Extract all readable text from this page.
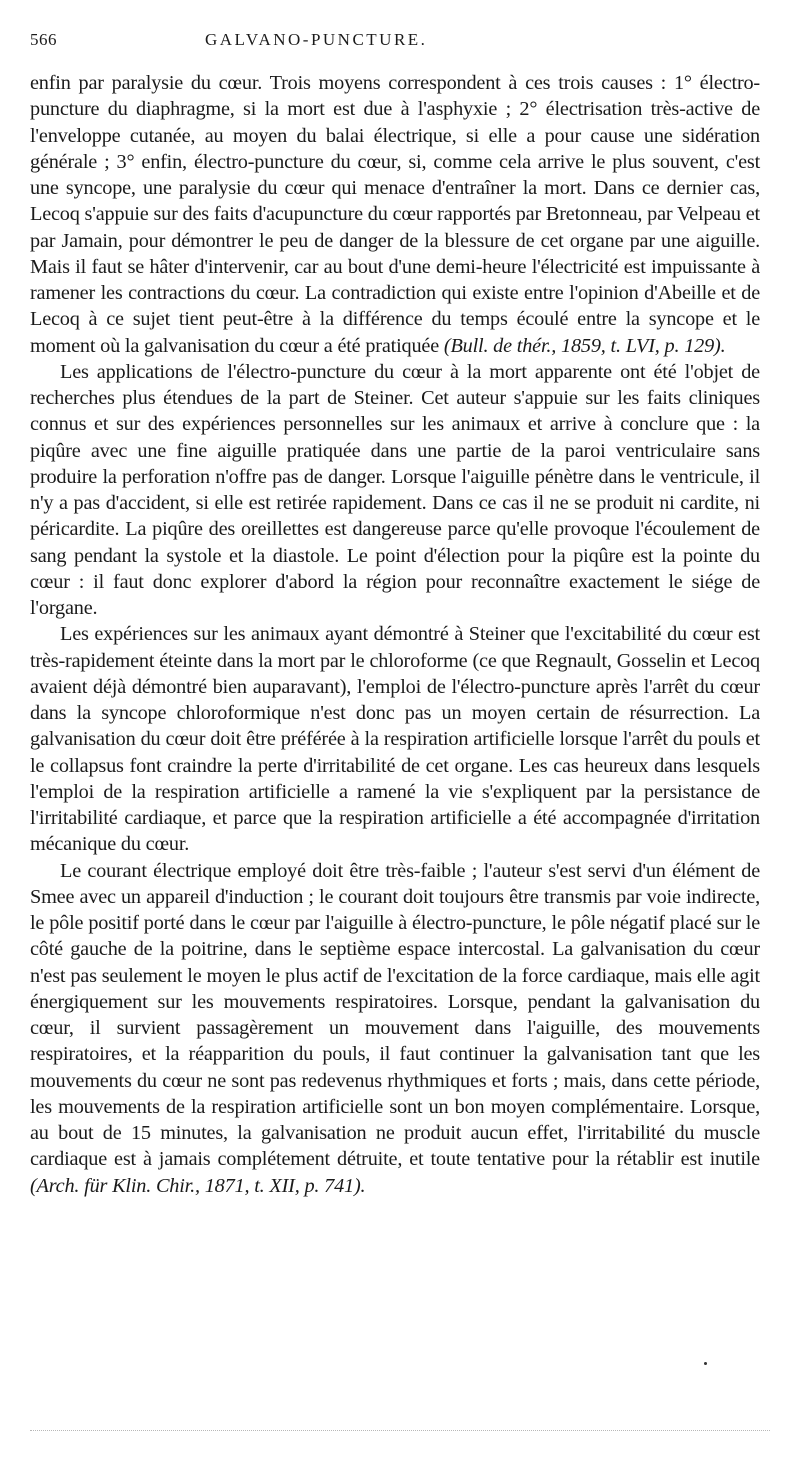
566	GALVANO-PUNCTURE.

enfin par paralysie du cœur. Trois moyens correspondent à ces trois causes : 1° électro-puncture du diaphragme, si la mort est due à l'asphyxie ; 2° électrisation très-active de l'enveloppe cutanée, au moyen du balai électrique, si elle a pour cause une sidération générale ; 3° enfin, électro-puncture du cœur, si, comme cela arrive le plus souvent, c'est une syncope, une paralysie du cœur qui menace d'entraîner la mort. Dans ce dernier cas, Lecoq s'appuie sur des faits d'acupuncture du cœur rapportés par Bretonneau, par Velpeau et par Jamain, pour démontrer le peu de danger de la blessure de cet organe par une aiguille. Mais il faut se hâter d'intervenir, car au bout d'une demi-heure l'électricité est impuissante à ramener les contractions du cœur. La contradiction qui existe entre l'opinion d'Abeille et de Lecoq à ce sujet tient peut-être à la différence du temps écoulé entre la syncope et le moment où la galvanisation du cœur a été pratiquée (Bull. de thér., 1859, t. LVI, p. 129).

Les applications de l'électro-puncture du cœur à la mort apparente ont été l'objet de recherches plus étendues de la part de Steiner. Cet auteur s'appuie sur les faits cliniques connus et sur des expériences personnelles sur les animaux et arrive à conclure que : la piqûre avec une fine aiguille pratiquée dans une partie de la paroi ventriculaire sans produire la perforation n'offre pas de danger. Lorsque l'aiguille pénètre dans le ventricule, il n'y a pas d'accident, si elle est retirée rapidement. Dans ce cas il ne se produit ni cardite, ni péricardite. La piqûre des oreillettes est dangereuse parce qu'elle provoque l'écoulement de sang pendant la systole et la diastole. Le point d'élection pour la piqûre est la pointe du cœur : il faut donc explorer d'abord la région pour reconnaître exactement le siége de l'organe.

Les expériences sur les animaux ayant démontré à Steiner que l'excitabilité du cœur est très-rapidement éteinte dans la mort par le chloroforme (ce que Regnault, Gosselin et Lecoq avaient déjà démontré bien auparavant), l'emploi de l'électro-puncture après l'arrêt du cœur dans la syncope chloroformique n'est donc pas un moyen certain de résurrection. La galvanisation du cœur doit être préférée à la respiration artificielle lorsque l'arrêt du pouls et le collapsus font craindre la perte d'irritabilité de cet organe. Les cas heureux dans lesquels l'emploi de la respiration artificielle a ramené la vie s'expliquent par la persistance de l'irritabilité cardiaque, et parce que la respiration artificielle a été accompagnée d'irritation mécanique du cœur.

Le courant électrique employé doit être très-faible ; l'auteur s'est servi d'un élément de Smee avec un appareil d'induction ; le courant doit toujours être transmis par voie indirecte, le pôle positif porté dans le cœur par l'aiguille à électro-puncture, le pôle négatif placé sur le côté gauche de la poitrine, dans le septième espace intercostal. La galvanisation du cœur n'est pas seulement le moyen le plus actif de l'excitation de la force cardiaque, mais elle agit énergiquement sur les mouvements respiratoires. Lorsque, pendant la galvanisation du cœur, il survient passagèrement un mouvement dans l'aiguille, des mouvements respiratoires, et la réapparition du pouls, il faut continuer la galvanisation tant que les mouvements du cœur ne sont pas redevenus rhythmiques et forts ; mais, dans cette période, les mouvements de la respiration artificielle sont un bon moyen complémentaire. Lorsque, au bout de 15 minutes, la galvanisation ne produit aucun effet, l'irritabilité du muscle cardiaque est à jamais complétement détruite, et toute tentative pour la rétablir est inutile (Arch. für Klin. Chir., 1871, t. XII, p. 741).
